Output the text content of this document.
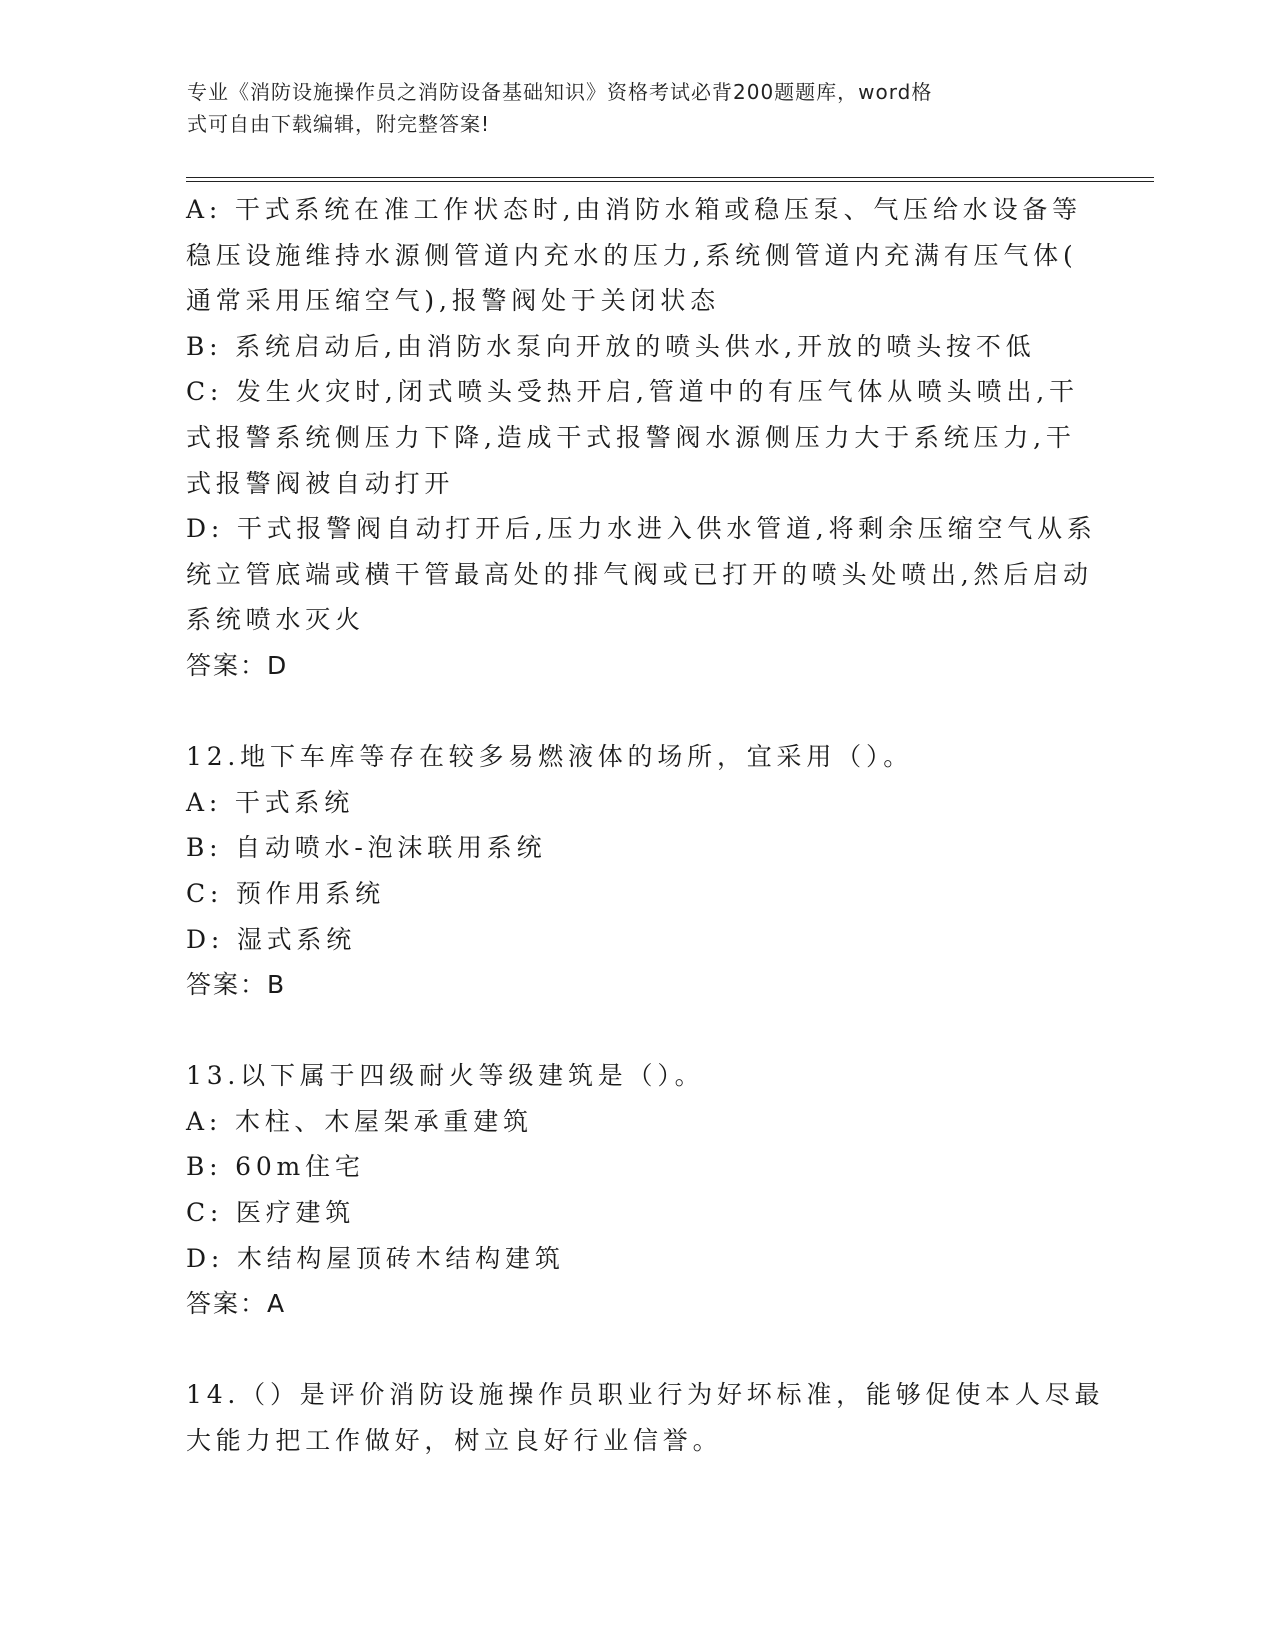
专业《消防设施操作员之消防设备基础知识》资格考试必背200题题库，word格
式可自由下载编辑，附完整答案!

A: 干式系统在准工作状态时,由消防水箱或稳压泵、气压给水设备等

稳压设施维持水源侧管道内充水的压力,系统侧管道内充满有压气体(

通常采用压缩空气),报警阀处于关闭状态

B: 系统启动后,由消防水泵向开放的喷头供水,开放的喷头按不低

C: 发生火灾时,闭式喷头受热开启,管道中的有压气体从喷头喷出,干

式报警系统侧压力下降,造成干式报警阀水源侧压力大于系统压力,干

式报警阀被自动打开

D: 干式报警阀自动打开后,压力水进入供水管道,将剩余压缩空气从系

统立管底端或横干管最高处的排气阀或已打开的喷头处喷出,然后启动

系统喷水灭火

答案：D

12.地下车库等存在较多易燃液体的场所，宜采用（）。

A: 干式系统

B: 自动喷水-泡沫联用系统

C: 预作用系统

D: 湿式系统

答案：B

13.以下属于四级耐火等级建筑是（）。

A: 木柱、木屋架承重建筑

B: 60m住宅

C: 医疗建筑

D: 木结构屋顶砖木结构建筑

答案：A

14.（）是评价消防设施操作员职业行为好坏标准，能够促使本人尽最

大能力把工作做好，树立良好行业信誉。
